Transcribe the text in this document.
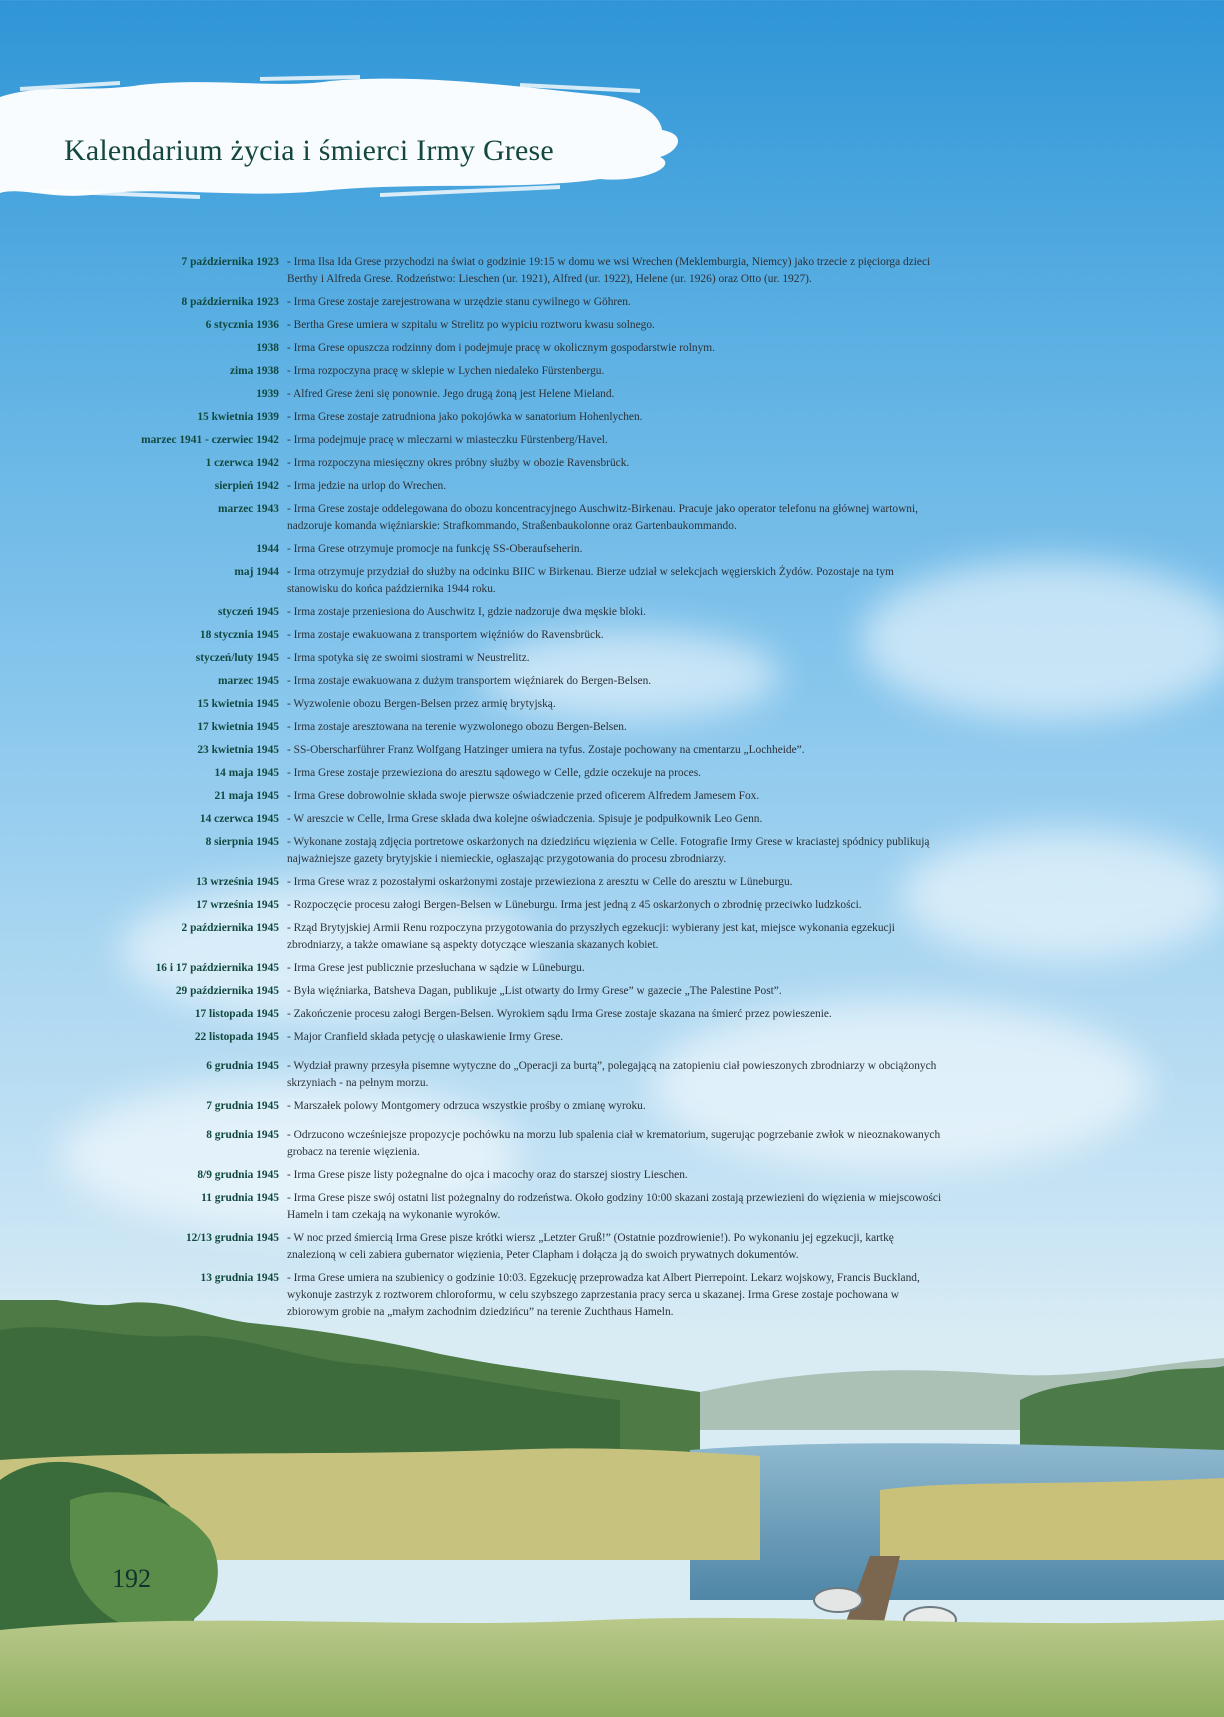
Kalendarium życia i śmierci Irmy Grese
7 października 1923 - Irma Ilsa Ida Grese przychodzi na świat o godzinie 19:15 w domu we wsi Wrechen (Meklemburgia, Niemcy) jako trzecie z pięciorga dzieci Berthy i Alfreda Grese. Rodzeństwo: Lieschen (ur. 1921), Alfred (ur. 1922), Helene (ur. 1926) oraz Otto (ur. 1927).
8 października 1923 - Irma Grese zostaje zarejestrowana w urzędzie stanu cywilnego w Göhren.
6 stycznia 1936 - Bertha Grese umiera w szpitalu w Strelitz po wypiciu roztworu kwasu solnego.
1938 - Irma Grese opuszcza rodzinny dom i podejmuje pracę w okolicznym gospodarstwie rolnym.
zima 1938 - Irma rozpoczyna pracę w sklepie w Lychen niedaleko Fürstenbergu.
1939 - Alfred Grese żeni się ponownie. Jego drugą żoną jest Helene Mieland.
15 kwietnia 1939 - Irma Grese zostaje zatrudniona jako pokojówka w sanatorium Hohenlychen.
marzec 1941 - czerwiec 1942 - Irma podejmuje pracę w mleczarni w miasteczku Fürstenberg/Havel.
1 czerwca 1942 - Irma rozpoczyna miesięczny okres próbny służby w obozie Ravensbrück.
sierpień 1942 - Irma jedzie na urlop do Wrechen.
marzec 1943 - Irma Grese zostaje oddelegowana do obozu koncentracyjnego Auschwitz-Birkenau. Pracuje jako operator telefonu na głównej wartowni, nadzoruje komanda więźniarskie: Strafkommando, Straßenbaukolonne oraz Gartenbaukommando.
1944 - Irma Grese otrzymuje promocje na funkcję SS-Oberaufseherin.
maj 1944 - Irma otrzymuje przydział do służby na odcinku BIIC w Birkenau. Bierze udział w selekcjach węgierskich Żydów. Pozostaje na tym stanowisku do końca października 1944 roku.
styczeń 1945 - Irma zostaje przeniesiona do Auschwitz I, gdzie nadzoruje dwa męskie bloki.
18 stycznia 1945 - Irma zostaje ewakuowana z transportem więźniów do Ravensbrück.
styczeń/luty 1945 - Irma spotyka się ze swoimi siostrami w Neustrelitz.
marzec 1945 - Irma zostaje ewakuowana z dużym transportem więźniarek do Bergen-Belsen.
15 kwietnia 1945 - Wyzwolenie obozu Bergen-Belsen przez armię brytyjską.
17 kwietnia 1945 - Irma zostaje aresztowana na terenie wyzwolonego obozu Bergen-Belsen.
23 kwietnia 1945 - SS-Oberscharführer Franz Wolfgang Hatzinger umiera na tyfus. Zostaje pochowany na cmentarzu „Lochheide”.
14 maja 1945 - Irma Grese zostaje przewieziona do aresztu sądowego w Celle, gdzie oczekuje na proces.
21 maja 1945 - Irma Grese dobrowolnie składa swoje pierwsze oświadczenie przed oficerem Alfredem Jamesem Fox.
14 czerwca 1945 - W areszcie w Celle, Irma Grese składa dwa kolejne oświadczenia. Spisuje je podpułkownik Leo Genn.
8 sierpnia 1945 - Wykonane zostają zdjęcia portretowe oskarżonych na dziedzińcu więzienia w Celle. Fotografie Irmy Grese w kraciastej spódnicy publikują najważniejsze gazety brytyjskie i niemieckie, ogłaszając przygotowania do procesu zbrodniarzy.
13 września 1945 - Irma Grese wraz z pozostałymi oskarżonymi zostaje przewieziona z aresztu w Celle do aresztu w Lüneburgu.
17 września 1945 - Rozpoczęcie procesu załogi Bergen-Belsen w Lüneburgu. Irma jest jedną z 45 oskarżonych o zbrodnię przeciwko ludzkości.
2 października 1945 - Rząd Brytyjskiej Armii Renu rozpoczyna przygotowania do przyszłych egzekucji: wybierany jest kat, miejsce wykonania egzekucji zbrodniarzy, a także omawiane są aspekty dotyczące wieszania skazanych kobiet.
16 i 17 października 1945 - Irma Grese jest publicznie przesłuchana w sądzie w Lüneburgu.
29 października 1945 - Była więźniarka, Batsheva Dagan, publikuje „List otwarty do Irmy Grese” w gazecie „The Palestine Post”.
17 listopada 1945 - Zakończenie procesu załogi Bergen-Belsen. Wyrokiem sądu Irma Grese zostaje skazana na śmierć przez powieszenie.
22 listopada 1945 - Major Cranfield składa petycję o ułaskawienie Irmy Grese.
6 grudnia 1945 - Wydział prawny przesyła pisemne wytyczne do „Operacji za burtą”, polegającą na zatopieniu ciał powieszonych zbrodniarzy w obciążonych skrzyniach - na pełnym morzu.
7 grudnia 1945 - Marszałek polowy Montgomery odrzuca wszystkie prośby o zmianę wyroku.
8 grudnia 1945 - Odrzucono wcześniejsze propozycje pochówku na morzu lub spalenia ciał w krematorium, sugerując pogrzebanie zwłok w nieoznakowanych grobacz na terenie więzienia.
8/9 grudnia 1945 - Irma Grese pisze listy pożegnalne do ojca i macochy oraz do starszej siostry Lieschen.
11 grudnia 1945 - Irma Grese pisze swój ostatni list pożegnalny do rodzeństwa. Około godziny 10:00 skazani zostają przewiezieni do więzienia w miejscowości Hameln i tam czekają na wykonanie wyroków.
12/13 grudnia 1945 - W noc przed śmiercią Irma Grese pisze krótki wiersz „Letzter Gruß!” (Ostatnie pozdrowienie!). Po wykonaniu jej egzekucji, kartkę znalezioną w celi zabiera gubernator więzienia, Peter Clapham i dołącza ją do swoich prywatnych dokumentów.
13 grudnia 1945 - Irma Grese umiera na szubienicy o godzinie 10:03. Egzekucję przeprowadza kat Albert Pierrepoint. Lekarz wojskowy, Francis Buckland, wykonuje zastrzyk z roztworem chloroformu, w celu szybszego zaprzestania pracy serca u skazanej. Irma Grese zostaje pochowana w zbiorowym grobie na „małym zachodnim dziedzińcu” na terenie Zuchthaus Hameln.

192
